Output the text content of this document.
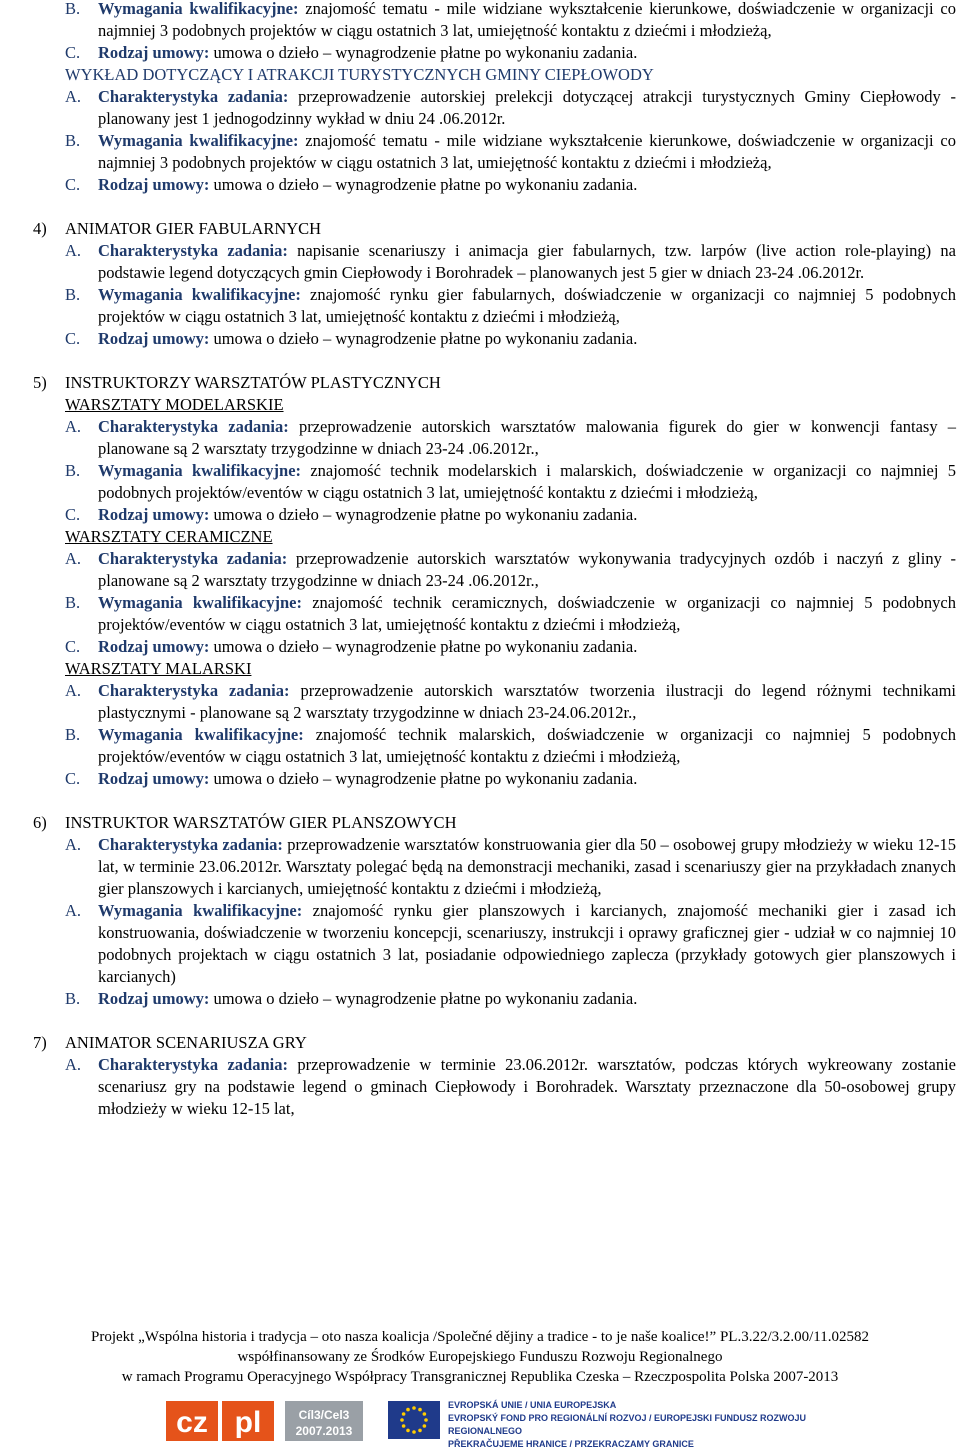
B. Wymagania kwalifikacyjne: znajomość tematu - mile widziane wykształcenie kierunkowe, doświadczenie w organizacji co najmniej 3 podobnych projektów w ciągu ostatnich 3 lat, umiejętność kontaktu z dziećmi i młodzieżą,
C. Rodzaj umowy: umowa o dzieło – wynagrodzenie płatne po wykonaniu zadania.
WYKŁAD DOTYCZĄCY I ATRAKCJI TURYSTYCZNYCH GMINY CIEPŁOWODY
A. Charakterystyka zadania: przeprowadzenie autorskiej prelekcji dotyczącej atrakcji turystycznych Gminy Ciepłowody - planowany jest 1 jednogodzinny wykład w dniu 24 .06.2012r.
B. Wymagania kwalifikacyjne: znajomość tematu - mile widziane wykształcenie kierunkowe, doświadczenie w organizacji co najmniej 3 podobnych projektów w ciągu ostatnich 3 lat, umiejętność kontaktu z dziećmi i młodzieżą,
C. Rodzaj umowy: umowa o dzieło – wynagrodzenie płatne po wykonaniu zadania.
4) ANIMATOR GIER FABULARNYCH
A. Charakterystyka zadania: napisanie scenariuszy i animacja gier fabularnych, tzw. larpów (live action role-playing) na podstawie legend dotyczących gmin Ciepłowody i Borohradek – planowanych jest 5 gier w dniach 23-24 .06.2012r.
B. Wymagania kwalifikacyjne: znajomość rynku gier fabularnych, doświadczenie w organizacji co najmniej 5 podobnych projektów w ciągu ostatnich 3 lat, umiejętność kontaktu z dziećmi i młodzieżą,
C. Rodzaj umowy: umowa o dzieło – wynagrodzenie płatne po wykonaniu zadania.
5) INSTRUKTORZY WARSZTATÓW PLASTYCZNYCH
WARSZTATY MODELARSKIE
A. Charakterystyka zadania: przeprowadzenie autorskich warsztatów malowania figurek do gier w konwencji fantasy – planowane są 2 warsztaty trzygodzinne w dniach 23-24 .06.2012r.,
B. Wymagania kwalifikacyjne: znajomość technik modelarskich i malarskich, doświadczenie w organizacji co najmniej 5 podobnych projektów/eventów w ciągu ostatnich 3 lat, umiejętność kontaktu z dziećmi i młodzieżą,
C. Rodzaj umowy: umowa o dzieło – wynagrodzenie płatne po wykonaniu zadania.
WARSZTATY CERAMICZNE
A. Charakterystyka zadania: przeprowadzenie autorskich warsztatów wykonywania tradycyjnych ozdób i naczyń z gliny - planowane są 2 warsztaty trzygodzinne w dniach 23-24 .06.2012r.,
B. Wymagania kwalifikacyjne: znajomość technik ceramicznych, doświadczenie w organizacji co najmniej 5 podobnych projektów/eventów w ciągu ostatnich 3 lat, umiejętność kontaktu z dziećmi i młodzieżą,
C. Rodzaj umowy: umowa o dzieło – wynagrodzenie płatne po wykonaniu zadania.
WARSZTATY MALARSKI
A. Charakterystyka zadania: przeprowadzenie autorskich warsztatów tworzenia ilustracji do legend różnymi technikami plastycznymi - planowane są 2 warsztaty trzygodzinne w dniach 23-24.06.2012r.,
B. Wymagania kwalifikacyjne: znajomość technik malarskich, doświadczenie w organizacji co najmniej 5 podobnych projektów/eventów w ciągu ostatnich 3 lat, umiejętność kontaktu z dziećmi i młodzieżą,
C. Rodzaj umowy: umowa o dzieło – wynagrodzenie płatne po wykonaniu zadania.
6) INSTRUKTOR WARSZTATÓW GIER PLANSZOWYCH
A. Charakterystyka zadania: przeprowadzenie warsztatów konstruowania gier dla 50 – osobowej grupy młodzieży w wieku 12-15 lat, w terminie 23.06.2012r. Warsztaty polegać będą na demonstracji mechaniki, zasad i scenariuszy gier na przykładach znanych gier planszowych i karcianych, umiejętność kontaktu z dziećmi i młodzieżą,
A. Wymagania kwalifikacyjne: znajomość rynku gier planszowych i karcianych, znajomość mechaniki gier i zasad ich konstruowania, doświadczenie w tworzeniu koncepcji, scenariuszy, instrukcji i oprawy graficznej gier - udział w co najmniej 10 podobnych projektach w ciągu ostatnich 3 lat, posiadanie odpowiedniego zaplecza (przykłady gotowych gier planszowych i karcianych)
B. Rodzaj umowy: umowa o dzieło – wynagrodzenie płatne po wykonaniu zadania.
7) ANIMATOR SCENARIUSZA GRY
A. Charakterystyka zadania: przeprowadzenie w terminie 23.06.2012r. warsztatów, podczas których wykreowany zostanie scenariusz gry na podstawie legend o gminach Ciepłowody i Borohradek. Warsztaty przeznaczone dla 50-osobowej grupy młodzieży w wieku 12-15 lat,
Projekt „Wspólna historia i tradycja – oto nasza koalicja /Společné dějiny a tradice - to je naše koalice!” PL.3.22/3.2.00/11.02582
współfinansowany ze Środków Europejskiego Funduszu Rozwoju Regionalnego
w ramach Programu Operacyjnego Współpracy Transgranicznej Republika Czeska – Rzeczpospolita Polska 2007-2013
cz pl	Cíl3/Cel3
2007.2013
EVROPSKÁ UNIE / UNIA EUROPEJSKA
EVROPSKÝ FOND PRO REGIONÁLNÍ ROZVOJ / EUROPEJSKI FUNDUSZ ROZWOJU REGIONALNEGO
PŘEKRAČUJEME HRANICE / PRZEKRACZAMY GRANICE
